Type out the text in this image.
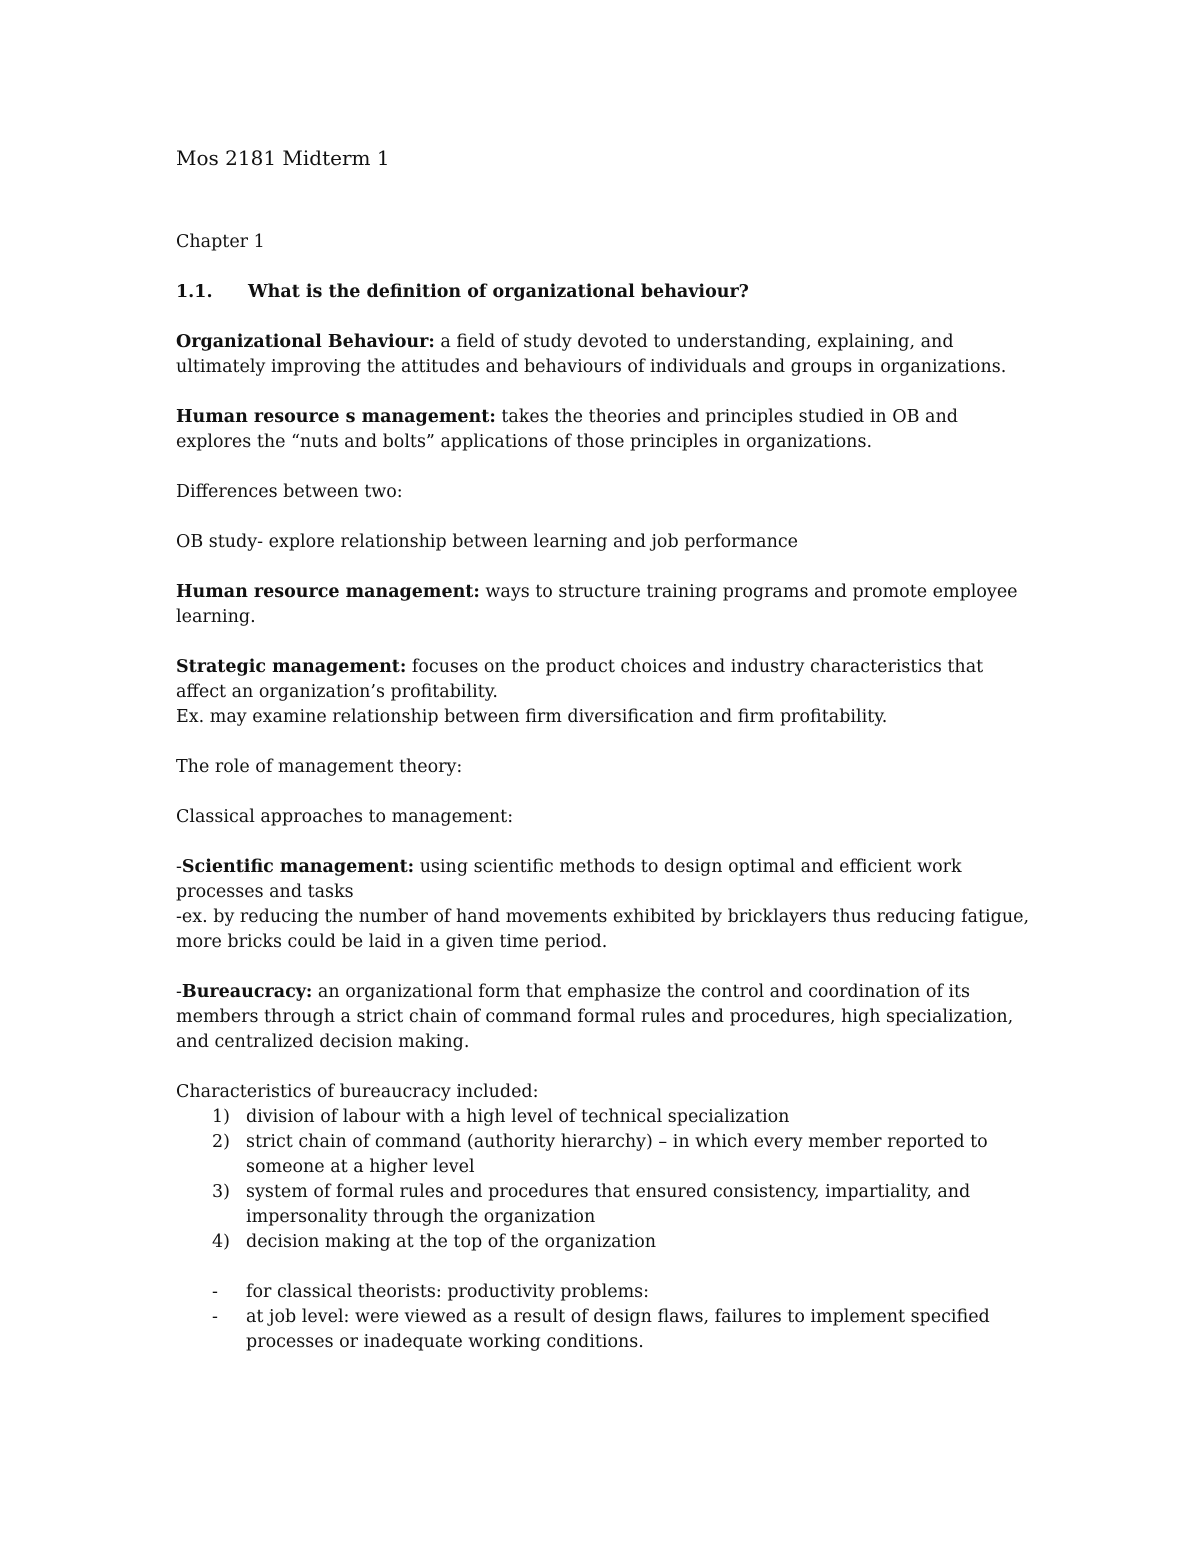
Mos 2181 Midterm 1
Chapter 1
1.1.	What is the definition of organizational behaviour?

Organizational Behaviour: a field of study devoted to understanding, explaining, and ultimately improving the attitudes and behaviours of individuals and groups in organizations.

Human resource s management: takes the theories and principles studied in OB and explores the “nuts and bolts” applications of those principles in organizations.

Differences between two:

OB study- explore relationship between learning and job performance

Human resource management: ways to structure training programs and promote employee learning.

Strategic management: focuses on the product choices and industry characteristics that affect an organization’s profitability.

Ex. may examine relationship between firm diversification and firm profitability.

The role of management theory:

Classical approaches to management:

-Scientific management: using scientific methods to design optimal and efficient work processes and tasks

-ex. by reducing the number of hand movements exhibited by bricklayers thus reducing fatigue, more bricks could be laid in a given time period.

-Bureaucracy: an organizational form that emphasize the control and coordination of its members through a strict chain of command formal rules and procedures, high specialization, and centralized decision making.

Characteristics of bureaucracy included:

1) division of labour with a high level of technical specialization
2) strict chain of command (authority hierarchy) – in which every member reported to someone at a higher level
3) system of formal rules and procedures that ensured consistency, impartiality, and impersonality through the organization
4) decision making at the top of the organization
-	for classical theorists: productivity problems:
-	at job level: were viewed as a result of design flaws, failures to implement specified processes or inadequate working conditions.
